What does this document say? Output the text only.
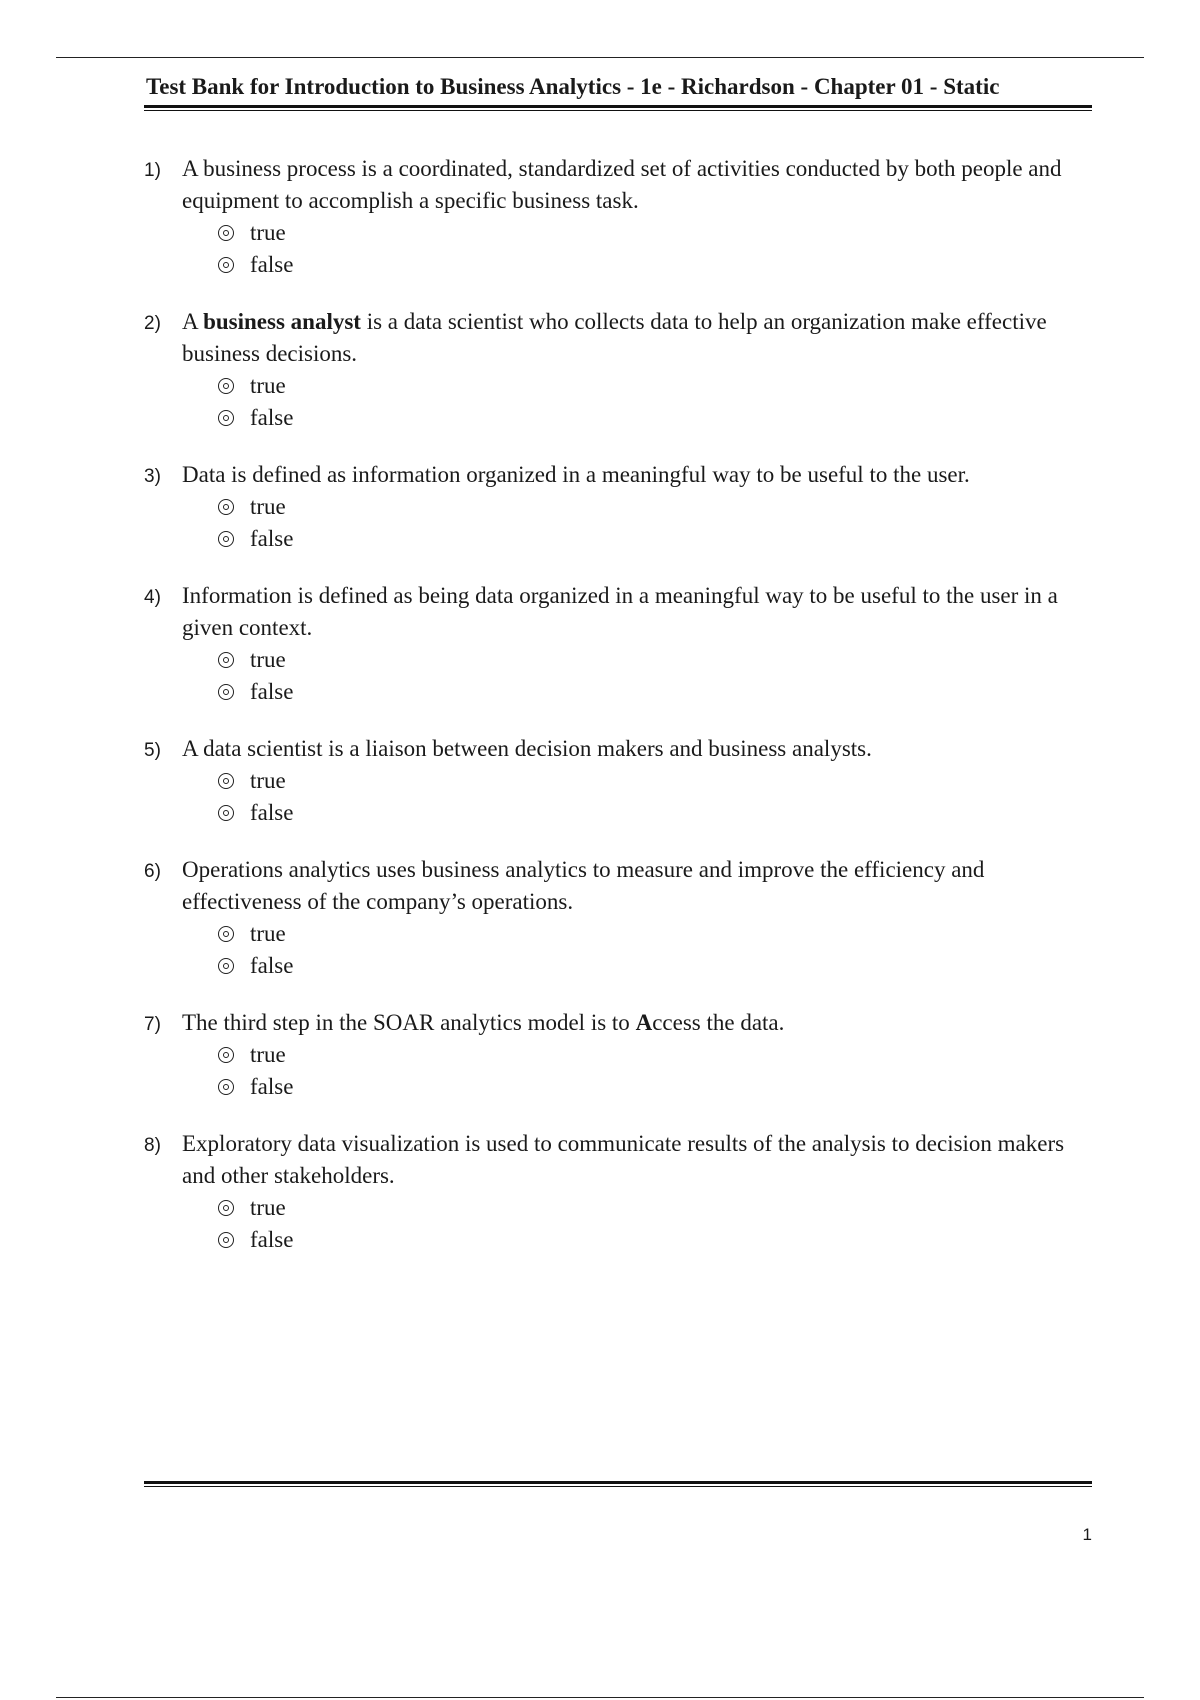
Test Bank for Introduction to Business Analytics - 1e - Richardson - Chapter 01 - Static
1) A business process is a coordinated, standardized set of activities conducted by both people and equipment to accomplish a specific business task.
true
false
2) A business analyst is a data scientist who collects data to help an organization make effective business decisions.
true
false
3) Data is defined as information organized in a meaningful way to be useful to the user.
true
false
4) Information is defined as being data organized in a meaningful way to be useful to the user in a given context.
true
false
5) A data scientist is a liaison between decision makers and business analysts.
true
false
6) Operations analytics uses business analytics to measure and improve the efficiency and effectiveness of the company’s operations.
true
false
7) The third step in the SOAR analytics model is to Access the data.
true
false
8) Exploratory data visualization is used to communicate results of the analysis to decision makers and other stakeholders.
true
false
1
